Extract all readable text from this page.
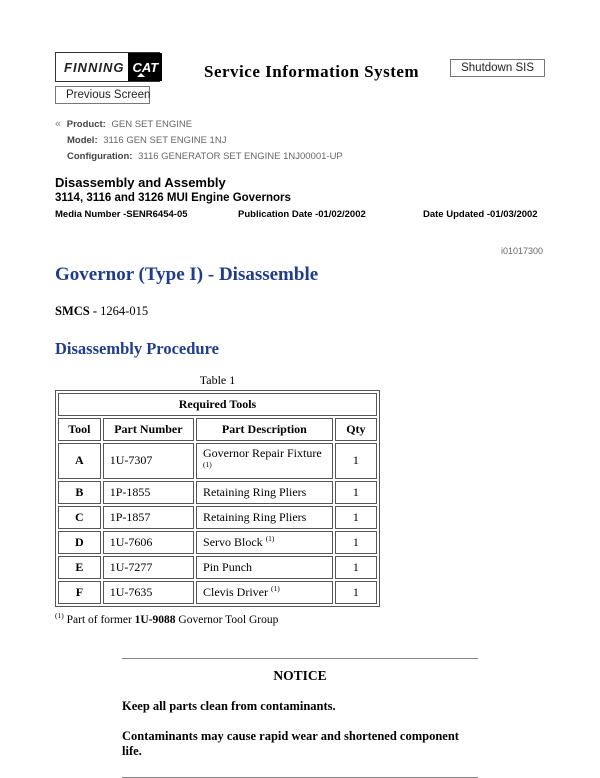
FINNING CAT
Previous Screen
Service Information System	Shutdown SIS
« Product: GEN SET ENGINE
Model: 3116 GEN SET ENGINE 1NJ
Configuration: 3116 GENERATOR SET ENGINE 1NJ00001-UP
Disassembly and Assembly
3114, 3116 and 3126 MUI Engine Governors
Media Number -SENR6454-05	Publication Date -01/02/2002	Date Updated -01/03/2002
i01017300
Governor (Type I) - Disassemble
SMCS - 1264-015
Disassembly Procedure
Table 1
Required Tools			
Tool	Part Number	Part Description	Qty
A	1U-7307	Governor Repair Fixture $^{(1)}$	1
B	1P-1855	Retaining Ring Pliers	1
C	1P-1857	Retaining Ring Pliers	1
D	1U-7606	Servo Block $^{(1)}$	1
E	1U-7277	Pin Punch	1
F	1U-7635	Clevis Driver $^{(1)}$	1
$^{(1)}$ Part of former 1U-9088 Governor Tool Group
NOTICE

Keep all parts clean from contaminants.

Contaminants may cause rapid wear and shortened component life.
